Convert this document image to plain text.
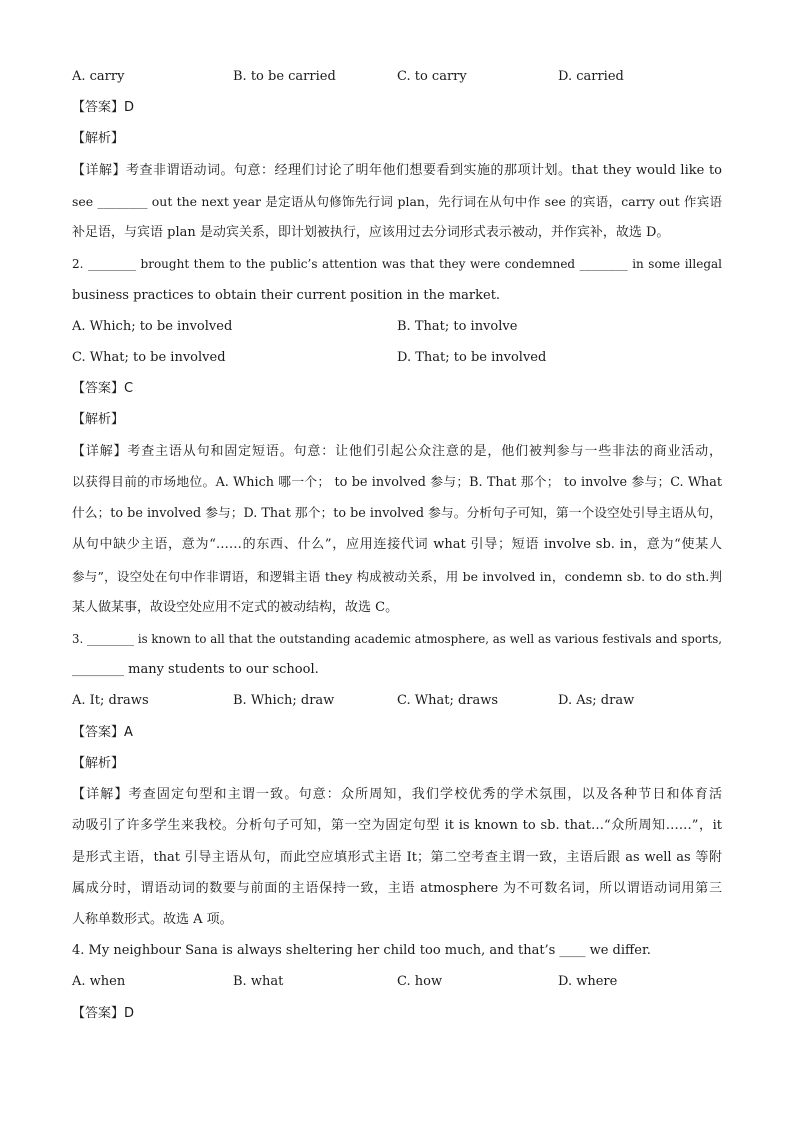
A. carry	B. to be carried	C. to carry	D. carried
【答案】D
【解析】
【详解】考查非谓语动词。句意：经理们讨论了明年他们想要看到实施的那项计划。that they would like to
see ________ out the next year 是定语从句修饰先行词 plan，先行词在从句中作 see 的宾语，carry out 作宾语
补足语，与宾语 plan 是动宾关系，即计划被执行，应该用过去分词形式表示被动，并作宾补，故选 D。
2. ________ brought them to the public’s attention was that they were condemned ________ in some illegal
business practices to obtain their current position in the market.
A. Which; to be involved	B. That; to involve
C. What; to be involved	D. That; to be involved
【答案】C
【解析】
【详解】考查主语从句和固定短语。句意：让他们引起公众注意的是，他们被判参与一些非法的商业活动，
以获得目前的市场地位。A. Which 哪一个； to be involved 参与；B. That 那个； to involve 参与；C. What
什么；to be involved 参与；D. That 那个；to be involved 参与。分析句子可知，第一个设空处引导主语从句，
从句中缺少主语，意为“……的东西、什么”，应用连接代词 what 引导；短语 involve sb. in，意为“使某人
参与”，设空处在句中作非谓语，和逻辑主语 they 构成被动关系，用 be involved in，condemn sb. to do sth.判
某人做某事，故设空处应用不定式的被动结构，故选 C。
3. ________ is known to all that the outstanding academic atmosphere, as well as various festivals and sports,
________ many students to our school.
A. It; draws	B. Which; draw	C. What; draws	D. As; draw
【答案】A
【解析】
【详解】考查固定句型和主谓一致。句意：众所周知，我们学校优秀的学术氛围，以及各种节日和体育活
动吸引了许多学生来我校。分析句子可知，第一空为固定句型 it is known to sb. that…“众所周知……”，it
是形式主语，that 引导主语从句，而此空应填形式主语 It；第二空考查主谓一致，主语后跟 as well as 等附
属成分时，谓语动词的数要与前面的主语保持一致，主语 atmosphere 为不可数名词，所以谓语动词用第三
人称单数形式。故选 A 项。
4. My neighbour Sana is always sheltering her child too much, and that’s ____ we differ.
A. when	B. what	C. how	D. where
【答案】D
